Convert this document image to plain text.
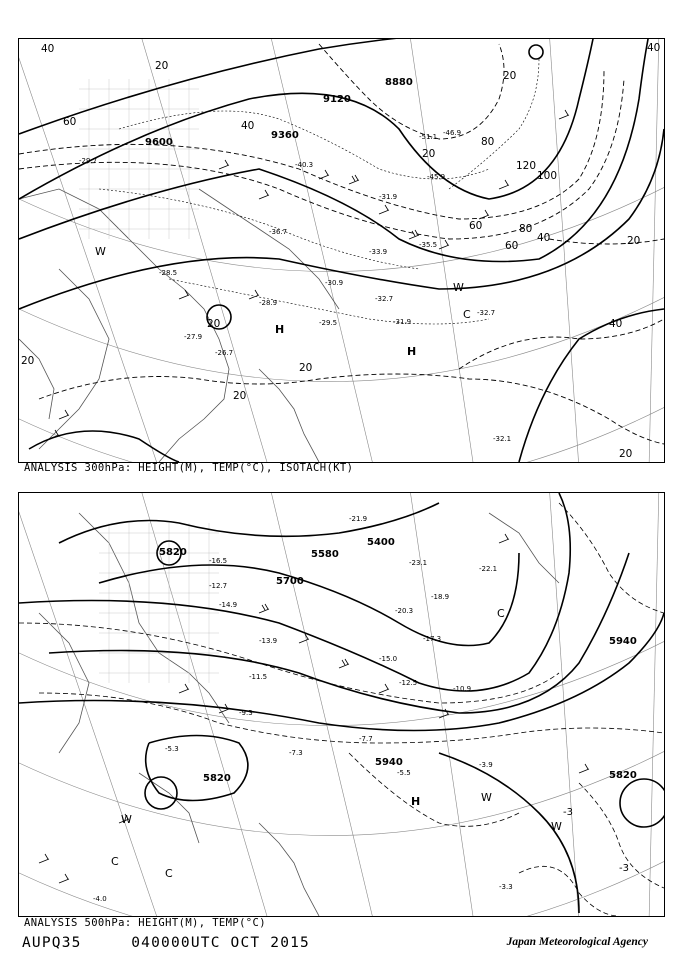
9600
9120
8880
9360
40
60
80
100
120
40	20
20
60
40
20
20
40
60
80
20
20
40
20
20
20
-51.1 -46.9
-45.9
-40.3
-32.7
-31.9
-32.7
-29.7
-28.5
-26.7
-36.7
-35.5
-33.9
-30.9
-29.5
-28.9
-27.9
-31.9
-32.1
H
H
W
W
C
ANALYSIS 300hPa: HEIGHT(M), TEMP(°C), ISOTACH(KT)
5400
5580
5700
5820
5940
5820	5820
5940
-23.1
-22.1
-21.9
-20.3
-18.9
-17.3
-15.0
-12.5
-10.9
-7.7
-5.5
-3.9
-3.3
-3
-3
-4.0
-5.3	-7.3
-9.3
-11.5
-13.9
-16.5
-14.9
-12.7
H
C
C
W
W
W
C
ANALYSIS 500hPa: HEIGHT(M), TEMP(°C)
AUPQ35	040000UTC OCT 2015	Japan Meteorological Agency
